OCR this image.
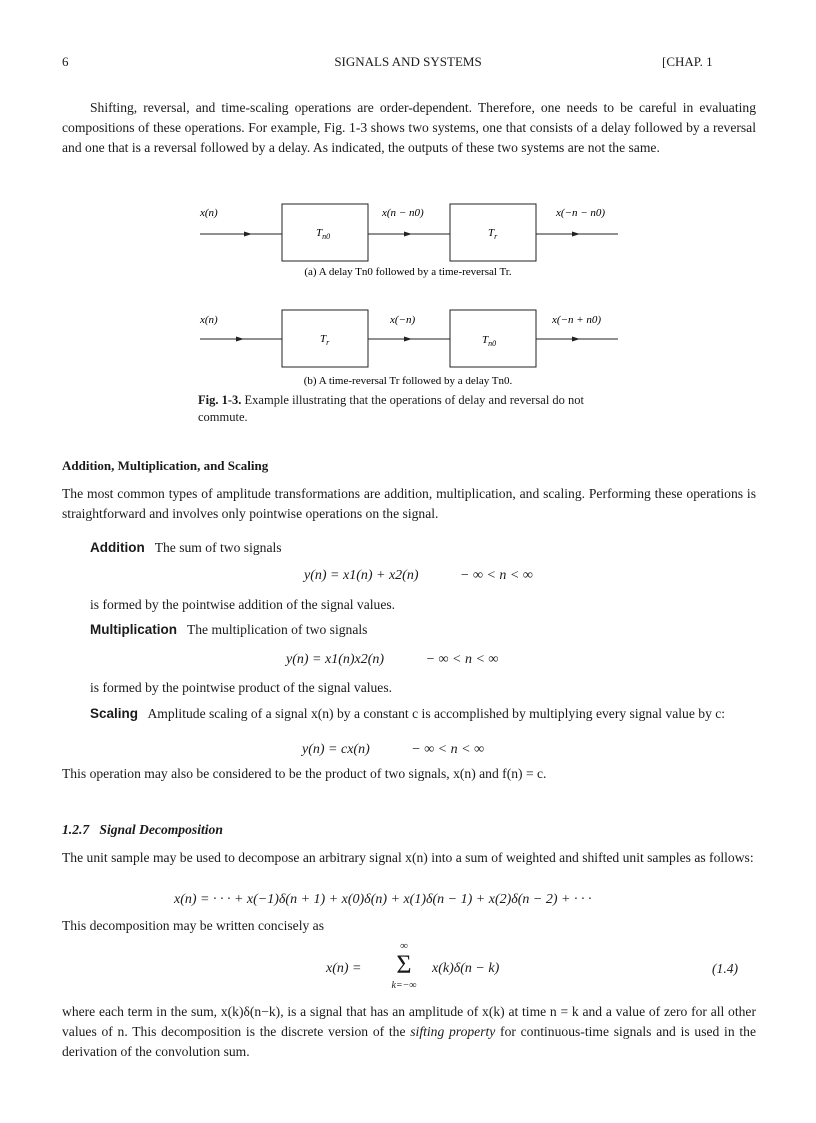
6	SIGNALS AND SYSTEMS	[CHAP. 1
Shifting, reversal, and time-scaling operations are order-dependent. Therefore, one needs to be careful in evaluating compositions of these operations. For example, Fig. 1-3 shows two systems, one that consists of a delay followed by a reversal and one that is a reversal followed by a delay. As indicated, the outputs of these two systems are not the same.
x(n)
$T_{n0}$
x(n − n0)
$T_r$
x(−n − n0)
(a) A delay Tn0 followed by a time-reversal Tr.
x(n)
$T_r$
x(−n)
$T_{n0}$
x(−n + n0)
(b) A time-reversal Tr followed by a delay Tn0.
Fig. 1-3. Example illustrating that the operations of delay and reversal do not commute.
Addition, Multiplication, and Scaling
The most common types of amplitude transformations are addition, multiplication, and scaling. Performing these operations is straightforward and involves only pointwise operations on the signal.
Addition The sum of two signals
y(n) = x1(n) + x2(n)	− ∞ < n < ∞
is formed by the pointwise addition of the signal values.
Multiplication The multiplication of two signals
y(n) = x1(n)x2(n)	− ∞ < n < ∞
is formed by the pointwise product of the signal values.
Scaling Amplitude scaling of a signal x(n) by a constant c is accomplished by multiplying every signal value by c:
y(n) = cx(n)	− ∞ < n < ∞
This operation may also be considered to be the product of two signals, x(n) and f(n) = c.
1.2.7 Signal Decomposition
The unit sample may be used to decompose an arbitrary signal x(n) into a sum of weighted and shifted unit samples as follows:
x(n) = · · · + x(−1)δ(n + 1) + x(0)δ(n) + x(1)δ(n − 1) + x(2)δ(n − 2) + · · ·
This decomposition may be written concisely as
x(n) =
∞
Σ
k=−∞
x(k)δ(n − k)	(1.4)
where each term in the sum, x(k)δ(n−k), is a signal that has an amplitude of x(k) at time n = k and a value of zero for all other values of n. This decomposition is the discrete version of the sifting property for continuous-time signals and is used in the derivation of the convolution sum.
